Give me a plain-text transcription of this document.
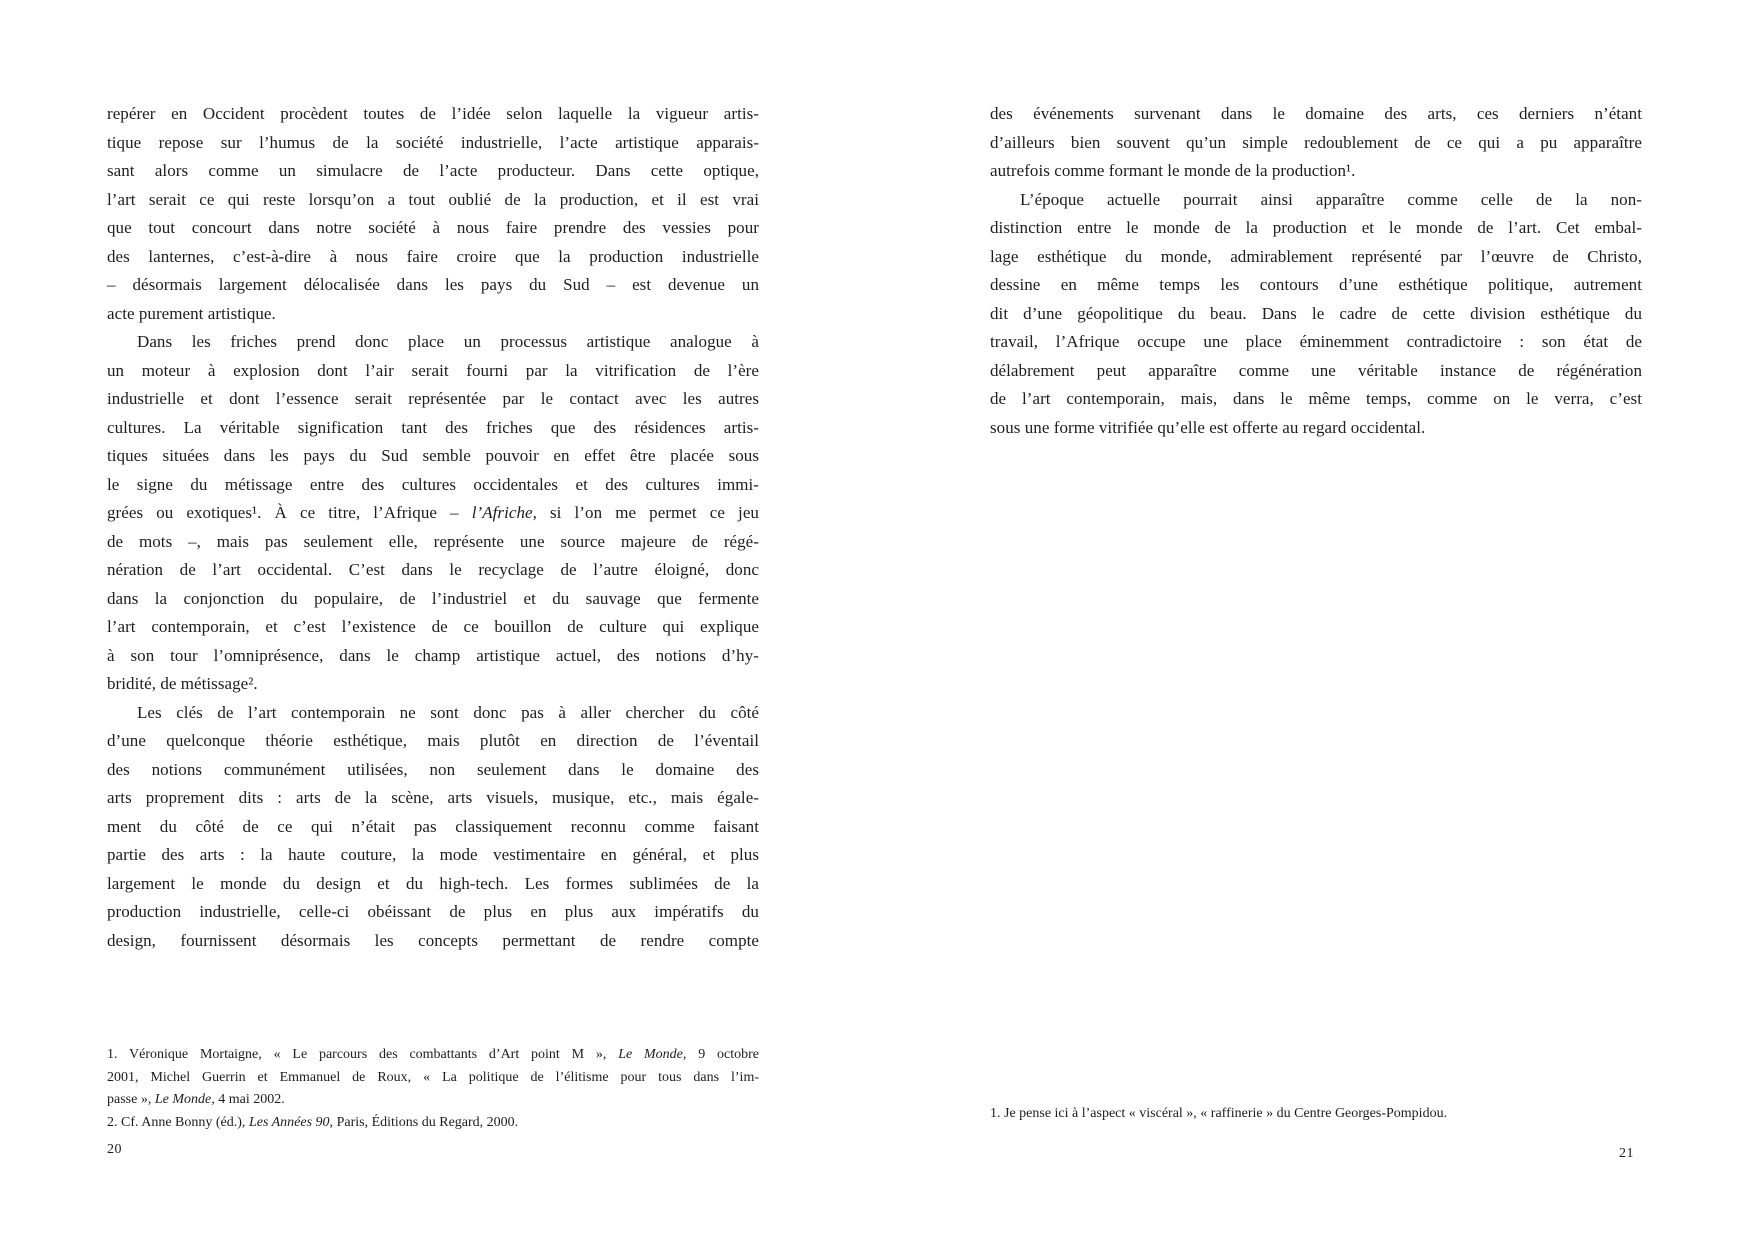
repérer en Occident procèdent toutes de l’idée selon laquelle la vigueur artis-
tique repose sur l’humus de la société industrielle, l’acte artistique apparais-
sant alors comme un simulacre de l’acte producteur. Dans cette optique,
l’art serait ce qui reste lorsqu’on a tout oublié de la production, et il est vrai
que tout concourt dans notre société à nous faire prendre des vessies pour
des lanternes, c’est-à-dire à nous faire croire que la production industrielle
– désormais largement délocalisée dans les pays du Sud – est devenue un
acte purement artistique.
Dans les friches prend donc place un processus artistique analogue à
un moteur à explosion dont l’air serait fourni par la vitrification de l’ère
industrielle et dont l’essence serait représentée par le contact avec les autres
cultures. La véritable signification tant des friches que des résidences artis-
tiques situées dans les pays du Sud semble pouvoir en effet être placée sous
le signe du métissage entre des cultures occidentales et des cultures immi-
grées ou exotiques¹. À ce titre, l’Afrique – l’Afriche, si l’on me permet ce jeu
de mots –, mais pas seulement elle, représente une source majeure de régé-
nération de l’art occidental. C’est dans le recyclage de l’autre éloigné, donc
dans la conjonction du populaire, de l’industriel et du sauvage que fermente
l’art contemporain, et c’est l’existence de ce bouillon de culture qui explique
à son tour l’omniprésence, dans le champ artistique actuel, des notions d’hy-
bridité, de métissage².
Les clés de l’art contemporain ne sont donc pas à aller chercher du côté
d’une quelconque théorie esthétique, mais plutôt en direction de l’éventail
des notions communément utilisées, non seulement dans le domaine des
arts proprement dits : arts de la scène, arts visuels, musique, etc., mais égale-
ment du côté de ce qui n’était pas classiquement reconnu comme faisant
partie des arts : la haute couture, la mode vestimentaire en général, et plus
largement le monde du design et du high-tech. Les formes sublimées de la
production industrielle, celle-ci obéissant de plus en plus aux impératifs du
design, fournissent désormais les concepts permettant de rendre compte
1. Véronique Mortaigne, « Le parcours des combattants d’Art point M », Le Monde, 9 octobre
2001, Michel Guerrin et Emmanuel de Roux, « La politique de l’élitisme pour tous dans l’im-
passe », Le Monde, 4 mai 2002.
2. Cf. Anne Bonny (éd.), Les Années 90, Paris, Éditions du Regard, 2000.
20
des événements survenant dans le domaine des arts, ces derniers n’étant
d’ailleurs bien souvent qu’un simple redoublement de ce qui a pu apparaître
autrefois comme formant le monde de la production¹.
L’époque actuelle pourrait ainsi apparaître comme celle de la non-
distinction entre le monde de la production et le monde de l’art. Cet embal-
lage esthétique du monde, admirablement représenté par l’œuvre de Christo,
dessine en même temps les contours d’une esthétique politique, autrement
dit d’une géopolitique du beau. Dans le cadre de cette division esthétique du
travail, l’Afrique occupe une place éminemment contradictoire : son état de
délabrement peut apparaître comme une véritable instance de régénération
de l’art contemporain, mais, dans le même temps, comme on le verra, c’est
sous une forme vitrifiée qu’elle est offerte au regard occidental.
1. Je pense ici à l’aspect « viscéral », « raffinerie » du Centre Georges-Pompidou.
21
